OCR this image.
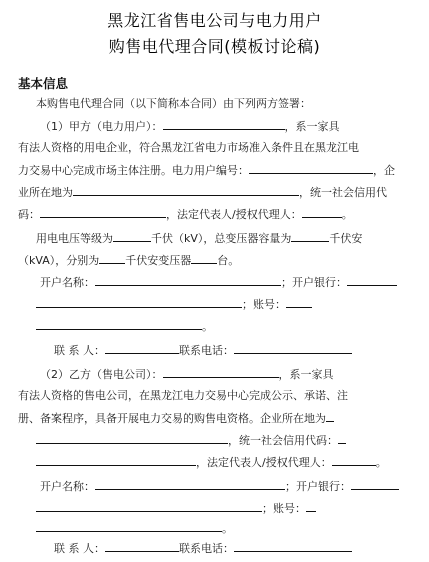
黑龙江省售电公司与电力用户
购售电代理合同(模板讨论稿)
基本信息
本购售电代理合同（以下简称本合同）由下列两方签署：
（1）甲方（电力用户）：	，系一家具
有法人资格的用电企业，符合黑龙江省电力市场准入条件且在黑龙江电
力交易中心完成市场主体注册。电力用户编号：	，企
业所在地为	，统一社会信用代
码：	，法定代表人/授权代理人：	。
用电电压等级为	千伏（kV），总变压器容量为	千伏安
（kVA），分别为 千伏安变压器 台。
开户名称：	；开户银行：
；账号：
。
联 系 人：	联系电话：
（2）乙方（售电公司）：	，系一家具
有法人资格的售电公司，在黑龙江电力交易中心完成公示、承诺、注
册、备案程序，具备开展电力交易的购售电资格。企业所在地为
，统一社会信用代码：
，法定代表人/授权代理人：	。
开户名称：	；开户银行：
；账号：
。
联 系 人：	联系电话：
